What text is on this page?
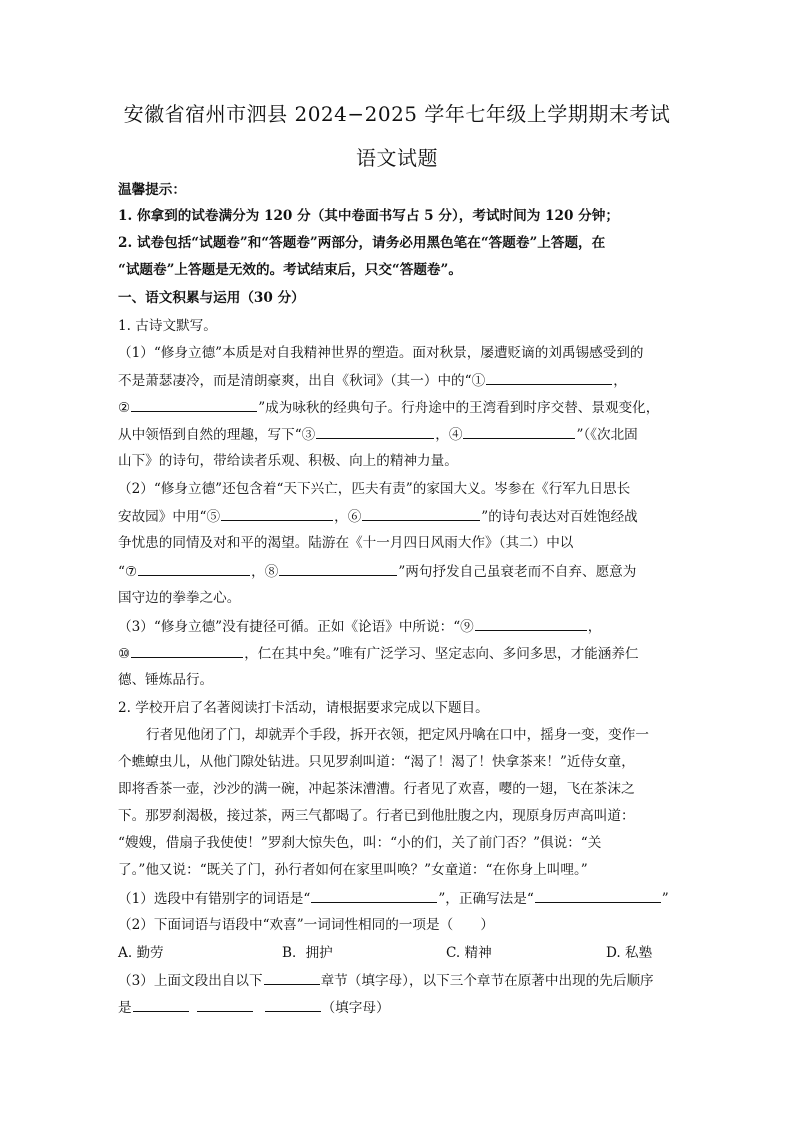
安徽省宿州市泗县 2024−2025 学年七年级上学期期末考试
语文试题
温馨提示：
1. 你拿到的试卷满分为 120 分（其中卷面书写占 5 分），考试时间为 120 分钟；
2. 试卷包括“试题卷”和“答题卷”两部分，请务必用黑色笔在“答题卷”上答题，在
“试题卷”上答题是无效的。考试结束后，只交“答题卷”。
一、语文积累与运用（30 分）
1. 古诗文默写。
（1）“修身立德”本质是对自我精神世界的塑造。面对秋景，屡遭贬谪的刘禹锡感受到的
不是萧瑟凄冷，而是清朗豪爽，出自《秋词》（其一）中的“①	，
②	”成为咏秋的经典句子。行舟途中的王湾看到时序交替、景观变化，
从中领悟到自然的理趣，写下“③	，④	”（《次北固
山下》的诗句，带给读者乐观、积极、向上的精神力量。
（2）“修身立德”还包含着“天下兴亡，匹夫有责”的家国大义。岑参在《行军九日思长
安故园》中用“⑤	，⑥	”的诗句表达对百姓饱经战
争忧患的同情及对和平的渴望。陆游在《十一月四日风雨大作》（其二）中以
“⑦	，⑧	”两句抒发自己虽衰老而不自弃、愿意为
国守边的拳拳之心。
（3）“修身立德”没有捷径可循。正如《论语》中所说：“⑨	，
⑩	，仁在其中矣。”唯有广泛学习、坚定志向、多问多思，才能涵养仁
德、锤炼品行。
2. 学校开启了名著阅读打卡活动，请根据要求完成以下题目。
行者见他闭了门，却就弄个手段，拆开衣领，把定风丹噙在口中，摇身一变，变作一
个蟭蟟虫儿，从他门隙处钻进。只见罗刹叫道：“渴了！渴了！快拿茶来！”近侍女童，
即将香茶一壶，沙沙的满一碗，冲起茶沫漕漕。行者见了欢喜，嘤的一翅，飞在茶沫之
下。那罗刹渴极，接过茶，两三气都喝了。行者已到他肚腹之内，现原身厉声高叫道：
“嫂嫂，借扇子我使使！”罗刹大惊失色，叫：“小的们，关了前门否？”俱说：“关
了。”他又说：“既关了门，孙行者如何在家里叫唤？”女童道：“在你身上叫哩。”
（1）选段中有错别字的词语是“	”，正确写法是“	”
（2）下面词语与语段中“欢喜”一词词性相同的一项是（　　）
A. 勤劳	B．拥护	C. 精神	D. 私塾
（3）上面文段出自以下	章节（填字母），以下三个章节在原著中出现的先后顺序
是	（填字母）
